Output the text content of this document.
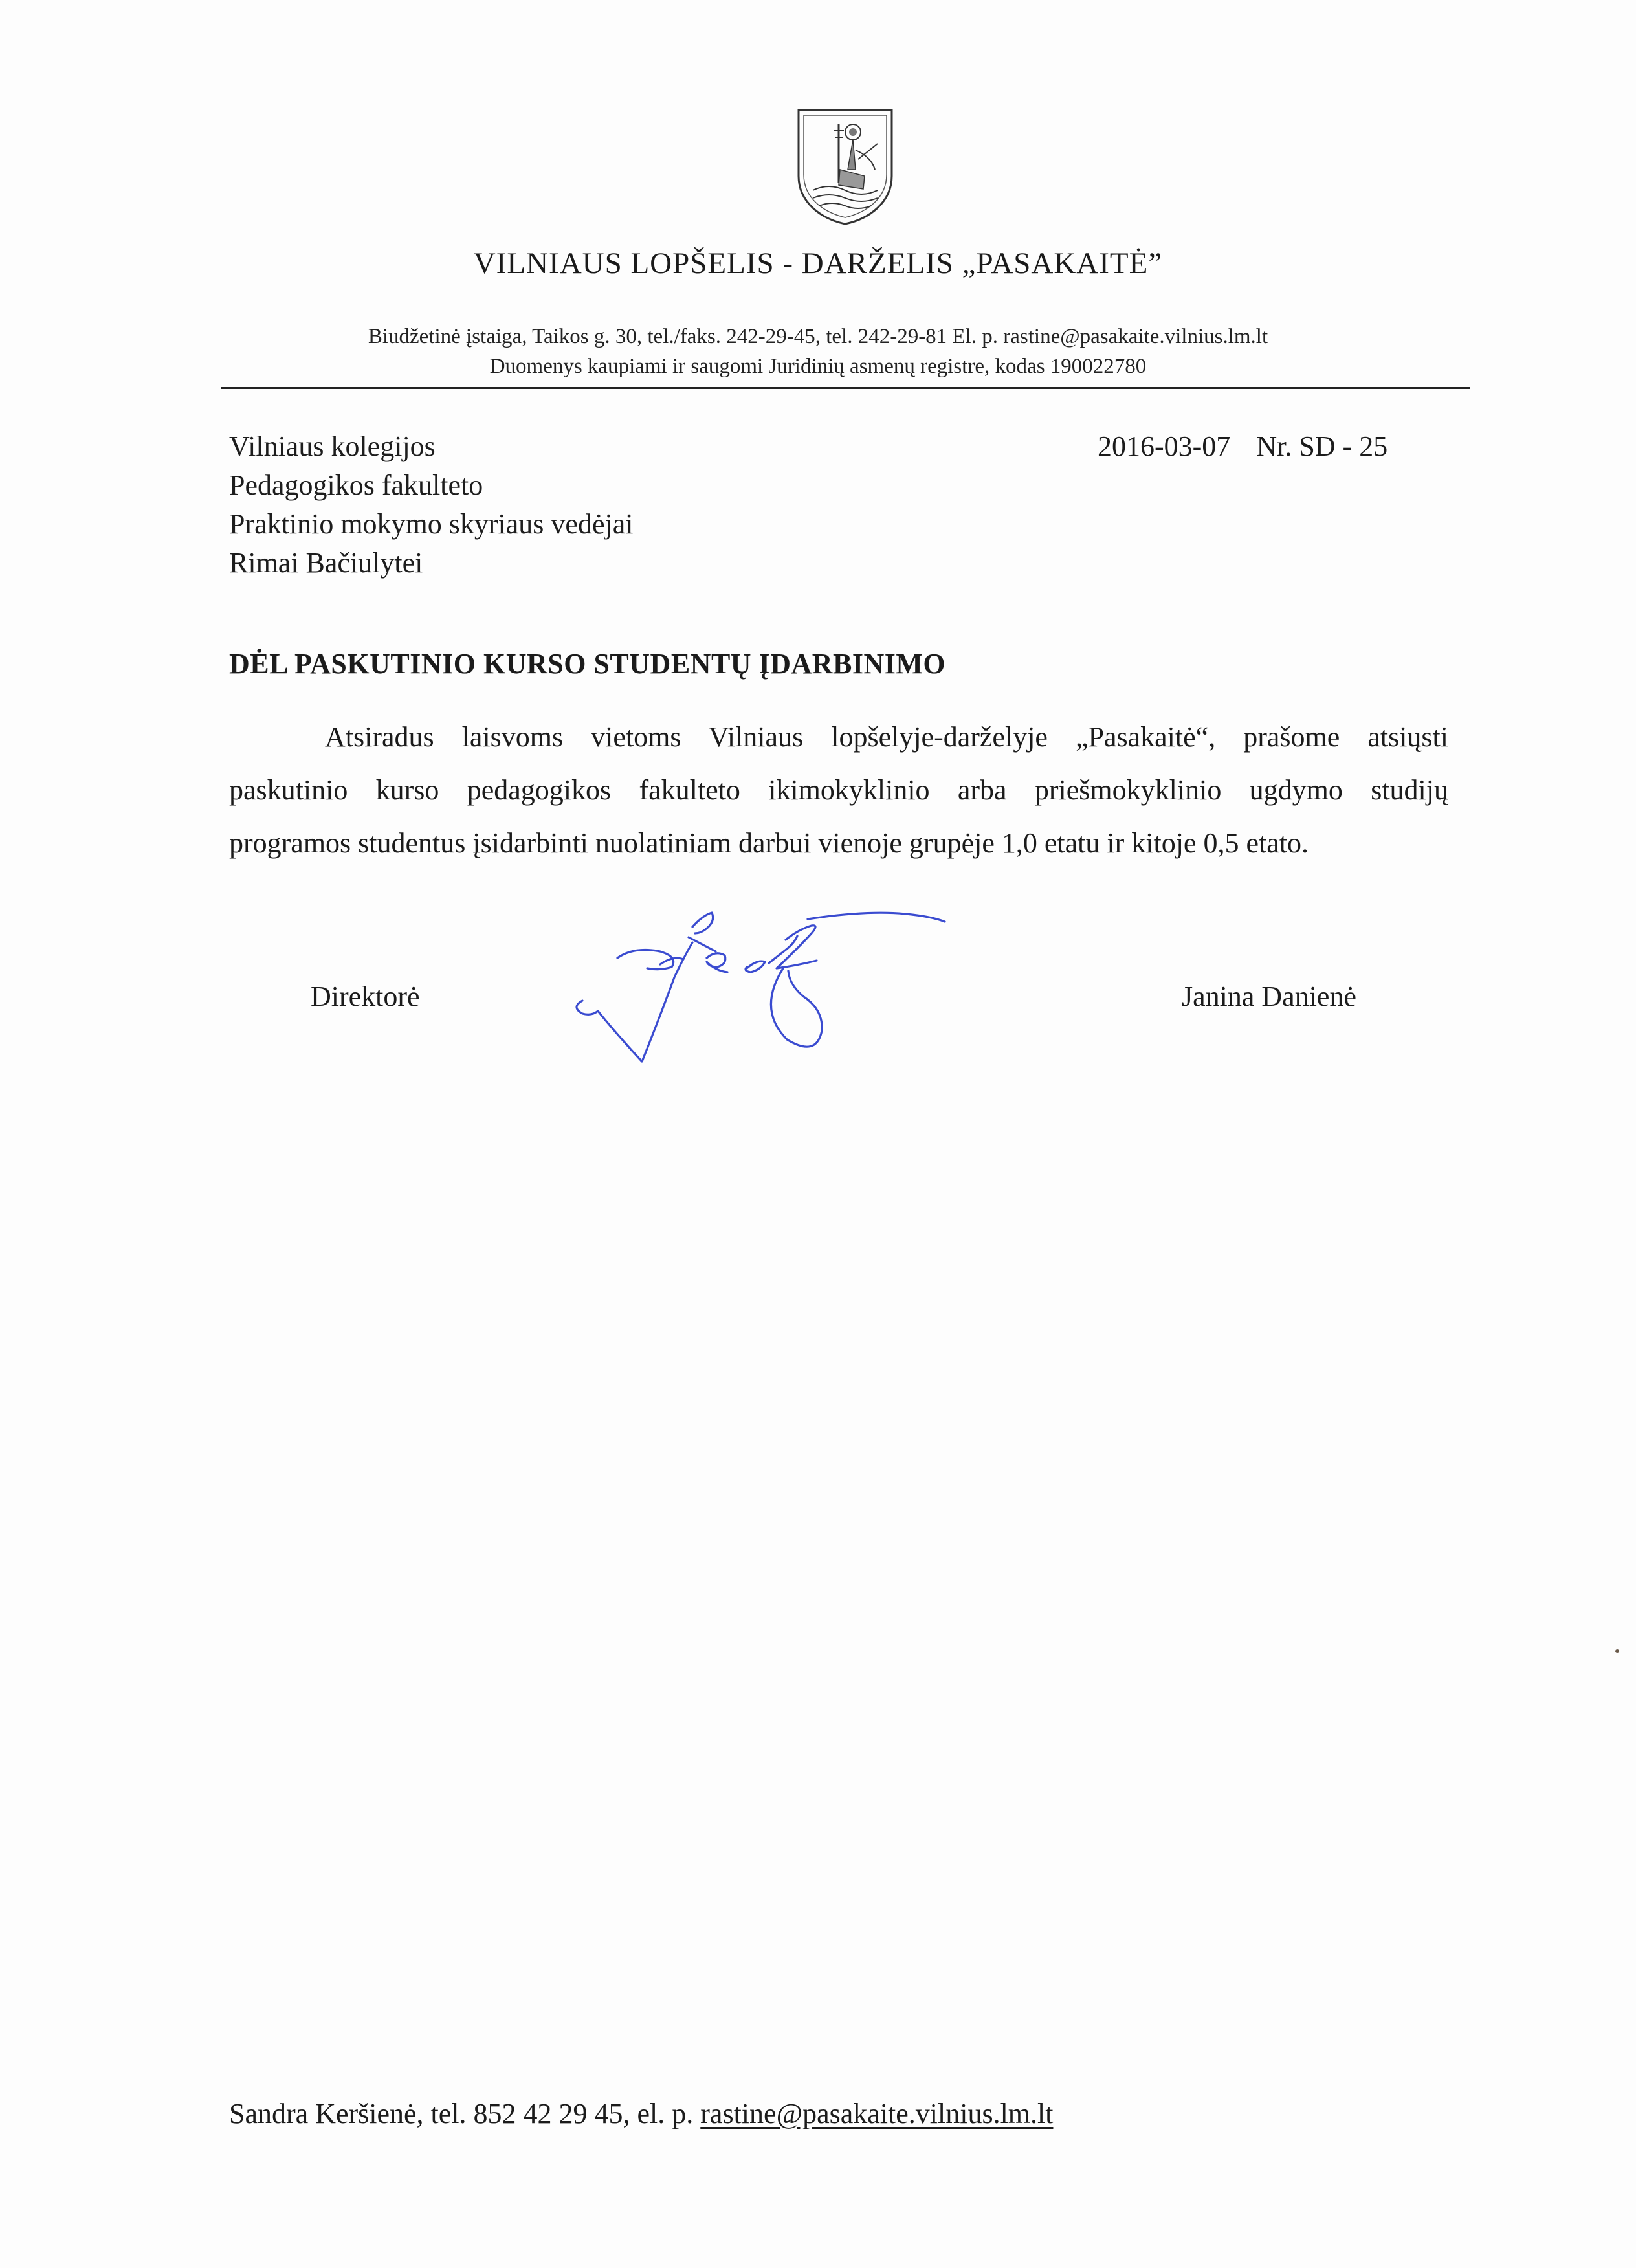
VILNIAUS LOPŠELIS - DARŽELIS „PASAKAITĖ”
Biudžetinė įstaiga, Taikos g. 30, tel./faks. 242-29-45, tel. 242-29-81 El. p. rastine@pasakaite.vilnius.lm.lt
Duomenys kaupiami ir saugomi Juridinių asmenų registre, kodas 190022780
Vilniaus kolegijos
Pedagogikos fakulteto
Praktinio mokymo skyriaus vedėjai
Rimai Bačiulytei
2016-03-07 Nr. SD - 25
DĖL PASKUTINIO KURSO STUDENTŲ ĮDARBINIMO
Atsiradus laisvoms vietoms Vilniaus lopšelyje-darželyje „Pasakaitė“, prašome atsiųsti
paskutinio kurso pedagogikos fakulteto ikimokyklinio arba priešmokyklinio ugdymo studijų
programos studentus įsidarbinti nuolatiniam darbui vienoje grupėje 1,0 etatu ir kitoje 0,5 etato.
Direktorė	Janina Danienė
Sandra Keršienė, tel. 852 42 29 45, el. p. rastine@pasakaite.vilnius.lm.lt
